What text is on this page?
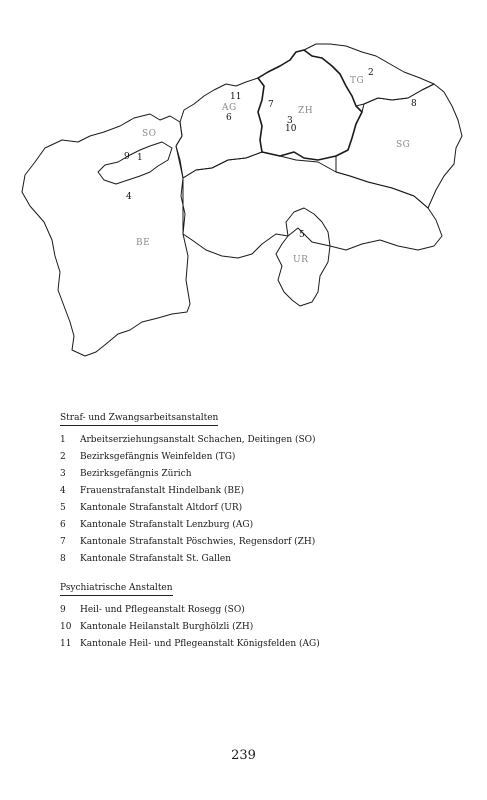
TG
AG	ZH
SO
SG
BE
UR
1
2
3
4
5
6
7	8
9
10
11
Straf- und Zwangsarbeitsanstalten
1	Arbeitserziehungsanstalt Schachen, Deitingen (SO)
2	Bezirksgefängnis Weinfelden (TG)
3	Bezirksgefängnis Zürich
4	Frauenstrafanstalt Hindelbank (BE)
5	Kantonale Strafanstalt Altdorf (UR)
6	Kantonale Strafanstalt Lenzburg (AG)
7	Kantonale Strafanstalt Pöschwies, Regensdorf (ZH)
8	Kantonale Strafanstalt St. Gallen
Psychiatrische Anstalten
9	Heil- und Pflegeanstalt Rosegg (SO)
10 Kantonale Heilanstalt Burghölzli (ZH)
11 Kantonale Heil- und Pflegeanstalt Königsfelden (AG)
239
